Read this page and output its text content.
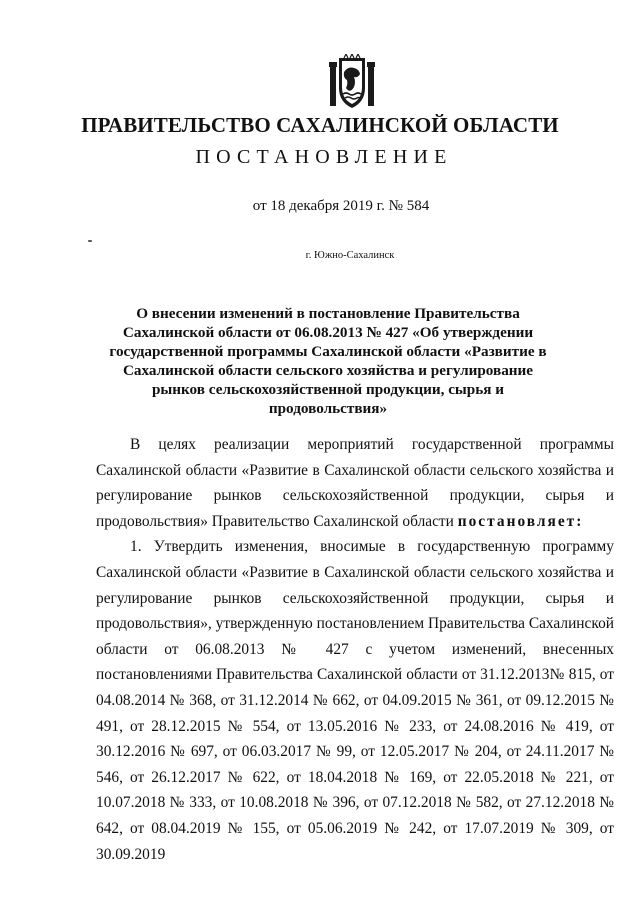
ПРАВИТЕЛЬСТВО САХАЛИНСКОЙ ОБЛАСТИ
ПОСТАНОВЛЕНИЕ
от 18 декабря 2019 г. № 584
г. Южно-Сахалинск
О внесении изменений в постановление Правительства Сахалинской области от 06.08.2013 № 427 «Об утверждении государственной программы Сахалинской области «Развитие в Сахалинской области сельского хозяйства и регулирование рынков сельскохозяйственной продукции, сырья и продовольствия»

В целях реализации мероприятий государственной программы Сахалинской области «Развитие в Сахалинской области сельского хозяйства и регулирование рынков сельскохозяйственной продукции, сырья и продовольствия» Правительство Сахалинской области постановляет:

1. Утвердить изменения, вносимые в государственную программу Сахалинской области «Развитие в Сахалинской области сельского хозяйства и регулирование рынков сельскохозяйственной продукции, сырья и продовольствия», утвержденную постановлением Правительства Сахалинской области от 06.08.2013 № 427 с учетом изменений, внесенных постановлениями Правительства Сахалинской области от 31.12.2013№ 815, от 04.08.2014 № 368, от 31.12.2014 № 662, от 04.09.2015 № 361, от 09.12.2015 № 491, от 28.12.2015 № 554, от 13.05.2016 № 233, от 24.08.2016 № 419, от 30.12.2016 № 697, от 06.03.2017 № 99, от 12.05.2017 № 204, от 24.11.2017 № 546, от 26.12.2017 № 622, от 18.04.2018 № 169, от 22.05.2018 № 221, от 10.07.2018 № 333, от 10.08.2018 № 396, от 07.12.2018 № 582, от 27.12.2018 № 642, от 08.04.2019 № 155, от 05.06.2019 № 242, от 17.07.2019 № 309, от 30.09.2019
